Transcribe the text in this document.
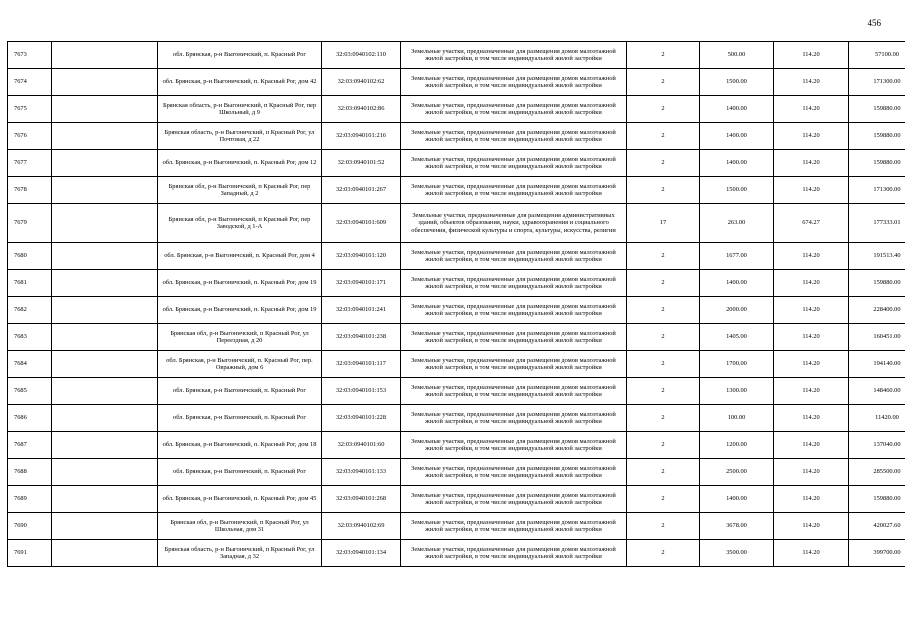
456
7673		обл. Брянская, р-н Выгоничский, п. Красный Рог	32:03:0940102:110	Земельные участки, предназначенные для размещения домов малоэтажной жилой застройки, в том числе индивидуальной жилой застройки	2	500.00	114.20	57100.00
7674		обл. Брянская, р-н Выгоничский, п. Красный Рог, дом 42	32:03:0940102:62	Земельные участки, предназначенные для размещения домов малоэтажной жилой застройки, в том числе индивидуальной жилой застройки	2	1500.00	114.20	171300.00
7675		Брянская область, р-н Выгоничский, п Красный Рог, пер Школьный, д 9	32:03:0940102:86	Земельные участки, предназначенные для размещения домов малоэтажной жилой застройки, в том числе индивидуальной жилой застройки	2	1400.00	114.20	159880.00
7676		Брянская область, р-н Выгоничский, п Красный Рог, ул Почтовая, д 22	32:03:0940101:216	Земельные участки, предназначенные для размещения домов малоэтажной жилой застройки, в том числе индивидуальной жилой застройки	2	1400.00	114.20	159880.00
7677		обл. Брянская, р-н Выгоничский, п. Красный Рог, дом 12	32:03:0940101:52	Земельные участки, предназначенные для размещения домов малоэтажной жилой застройки, в том числе индивидуальной жилой застройки	2	1400.00	114.20	159880.00
7678		Брянская обл, р-н Выгоничский, п Красный Рог, пер Западный, д 2	32:03:0940101:267	Земельные участки, предназначенные для размещения домов малоэтажной жилой застройки, в том числе индивидуальной жилой застройки	2	1500.00	114.20	171300.00
7679		Брянская обл, р-н Выгоничский, п Красный Рог, пер Заводской, д 1-А	32:03:0940101:609	Земельные участки, предназначенные для размещения административных зданий, объектов образования, науки, здравоохранения и социального обеспечения, физической культуры и спорта, культуры, искусства, религии	17	263.00	674.27	177333.01
7680		обл. Брянская, р-н Выгоничский, п. Красный Рог, дом 4	32:03:0940101:120	Земельные участки, предназначенные для размещения домов малоэтажной жилой застройки, в том числе индивидуальной жилой застройки	2	1677.00	114.20	191513.40
7681		обл. Брянская, р-н Выгоничский, п. Красный Рог, дом 19	32:03:0940101:171	Земельные участки, предназначенные для размещения домов малоэтажной жилой застройки, в том числе индивидуальной жилой застройки	2	1400.00	114.20	159880.00
7682		обл. Брянская, р-н Выгоничский, п. Красный Рог, дом 19	32:03:0940101:241	Земельные участки, предназначенные для размещения домов малоэтажной жилой застройки, в том числе индивидуальной жилой застройки	2	2000.00	114.20	228400.00
7683		Брянская обл, р-н Выгоничский, п Красный Рог, ул Переездная, д 20	32:03:0940101:238	Земельные участки, предназначенные для размещения домов малоэтажной жилой застройки, в том числе индивидуальной жилой застройки	2	1405.00	114.20	160451.00
7684		обл. Брянская, р-н Выгоничский, п. Красный Рог, пер. Овражный, дом 6	32:03:0940101:117	Земельные участки, предназначенные для размещения домов малоэтажной жилой застройки, в том числе индивидуальной жилой застройки	2	1700.00	114.20	194140.00
7685		обл. Брянская, р-н Выгоничский, п. Красный Рог	32:03:0940101:153	Земельные участки, предназначенные для размещения домов малоэтажной жилой застройки, в том числе индивидуальной жилой застройки	2	1300.00	114.20	148460.00
7686		обл. Брянская, р-н Выгоничский, п. Красный Рог	32:03:0940101:228	Земельные участки, предназначенные для размещения домов малоэтажной жилой застройки, в том числе индивидуальной жилой застройки	2	100.00	114.20	11420.00
7687		обл. Брянская, р-н Выгоничский, п. Красный Рог, дом 18	32:03:0940101:60	Земельные участки, предназначенные для размещения домов малоэтажной жилой застройки, в том числе индивидуальной жилой застройки	2	1200.00	114.20	137040.00
7688		обл. Брянская, р-н Выгоничский, п. Красный Рог	32:03:0940101:133	Земельные участки, предназначенные для размещения домов малоэтажной жилой застройки, в том числе индивидуальной жилой застройки	2	2500.00	114.20	285500.00
7689		обл. Брянская, р-н Выгоничский, п. Красный Рог, дом 45	32:03:0940101:268	Земельные участки, предназначенные для размещения домов малоэтажной жилой застройки, в том числе индивидуальной жилой застройки	2	1400.00	114.20	159880.00
7690		Брянская обл, р-н Выгоничский, п Красный Рог, ул Школьная, дом 31	32:03:0940102:69	Земельные участки, предназначенные для размещения домов малоэтажной жилой застройки, в том числе индивидуальной жилой застройки	2	3678.00	114.20	420027.60
7691		Брянская область, р-н Выгоничский, п Красный Рог, ул Западная, д 32	32:03:0940101:134	Земельные участки, предназначенные для размещения домов малоэтажной жилой застройки, в том числе индивидуальной жилой застройки	2	3500.00	114.20	399700.00
